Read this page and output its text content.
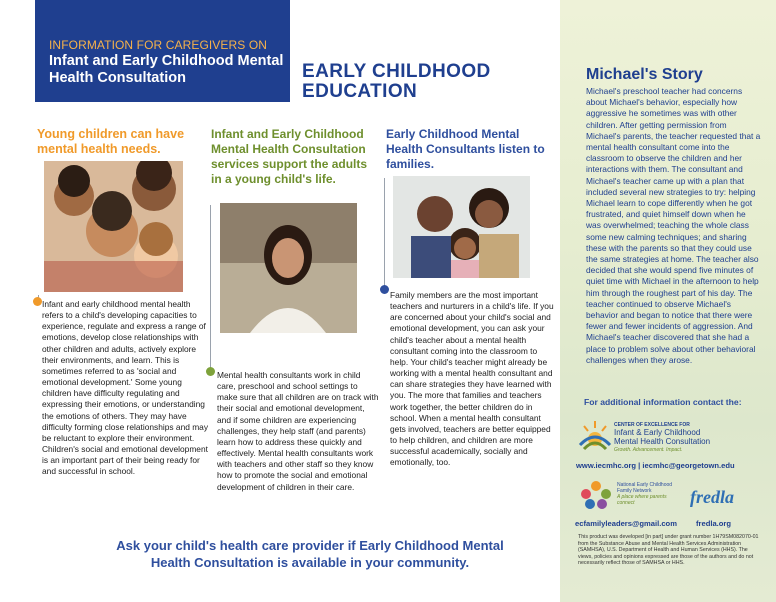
INFORMATION FOR CAREGIVERS ON
Infant and Early Childhood Mental Health Consultation	EARLY CHILDHOOD EDUCATION
Young children can have mental health needs.
Infant and Early Childhood Mental Health Consultation services support the adults in a young child's life.
Early Childhood Mental Health Consultants listen to families.
Infant and early childhood mental health refers to a child's developing capacities to experience, regulate and express a range of emotions, develop close relationships with other children and adults, actively explore their environments, and learn. This is sometimes referred to as 'social and emotional development.' Some young children have difficulty regulating and expressing their emotions, or understanding the emotions of others. They may have difficulty forming close relationships and may be reluctant to explore their environment. Children's social and emotional development is an important part of their being ready for and successful in school.
Mental health consultants work in child care, preschool and school settings to make sure that all children are on track with their social and emotional development, and if some children are experiencing challenges, they help staff (and parents) learn how to address these quickly and effectively. Mental health consultants work with teachers and other staff so they know how to promote the social and emotional development of children in their care.
Family members are the most important teachers and nurturers in a child's life. If you are concerned about your child's social and emotional development, you can ask your child's teacher about a mental health consultant coming into the classroom to help. Your child's teacher might already be working with a mental health consultant and can share strategies they have learned with you. The more that families and teachers work together, the better children do in school. When a mental health consultant gets involved, teachers are better equipped to help children, and children are more successful academically, socially and emotionally, too.
Ask your child's health care provider if Early Childhood Mental Health Consultation is available in your community.
Michael's Story
Michael's preschool teacher had concerns about Michael's behavior, especially how aggressive he sometimes was with other children. After getting permission from Michael's parents, the teacher requested that a mental health consultant come into the classroom to observe the children and her interactions with them. The consultant and Michael's teacher came up with a plan that included several new strategies to try: helping Michael learn to cope differently when he got frustrated, and quiet himself down when he was overwhelmed; teaching the whole class some new calming techniques; and sharing these with the parents so that they could use the same strategies at home. The teacher also decided that she would spend five minutes of quiet time with Michael in the afternoon to help him through the roughest part of his day. The teacher continued to observe Michael's behavior and began to notice that there were fewer and fewer incidents of aggression. And Michael's teacher discovered that she had a place to problem solve about other behavioral challenges when they arose.
For additional information contact the:
CENTER OF EXCELLENCE FOR
Infant & Early Childhood Mental Health Consultation
Growth. Advancement. Impact.
www.iecmhc.org | iecmhc@georgetown.edu
National Early Childhood Family Network
A place where parents connect	fredla
ecfamilyleaders@gmail.com	fredla.org
This product was developed [in part] under grant number 1H79SM082070-01 from the Substance Abuse and Mental Health Services Administration (SAMHSA), U.S. Department of Health and Human Services (HHS). The views, policies and opinions expressed are those of the authors and do not necessarily reflect those of SAMHSA or HHS.
